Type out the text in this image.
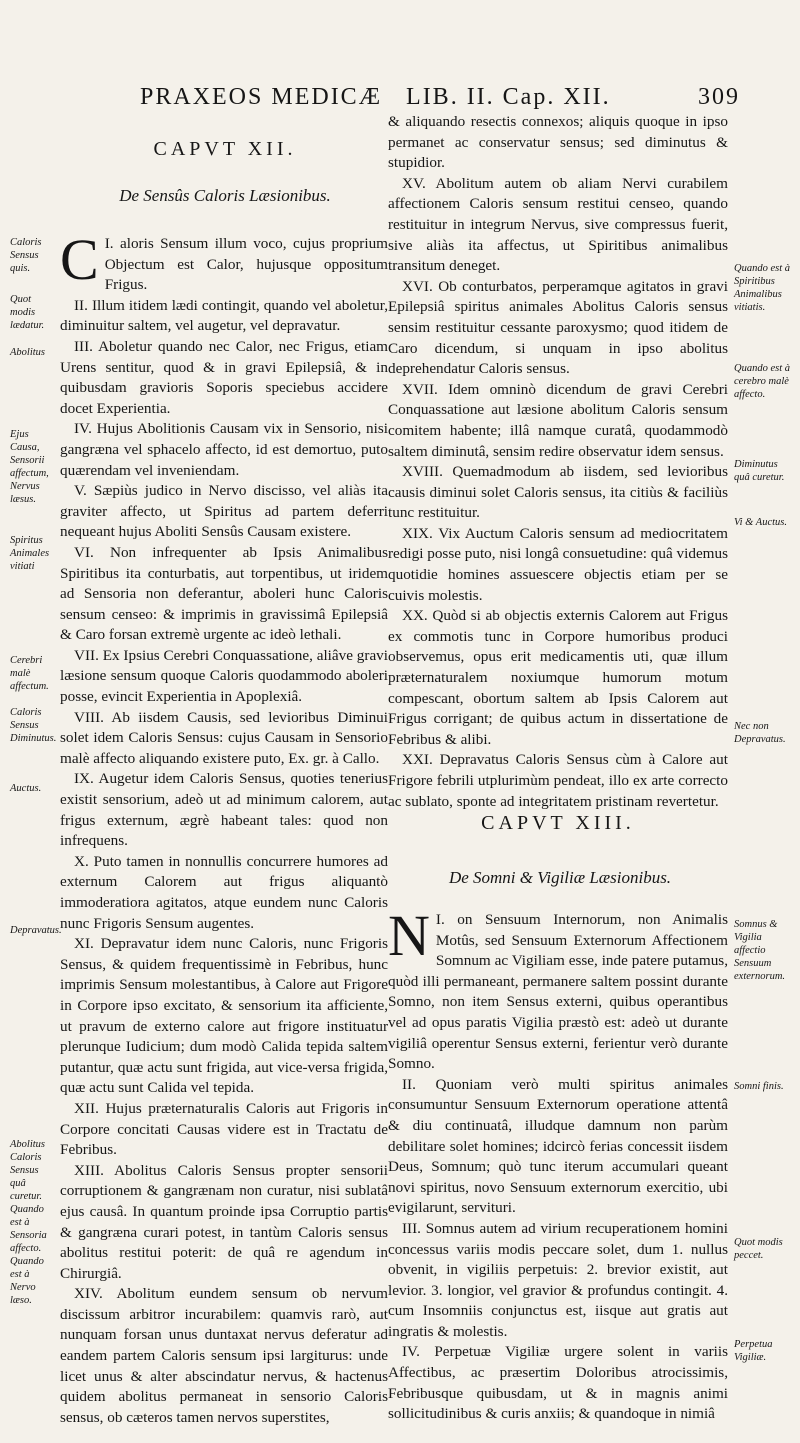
PRAXEOS MEDICÆ LIB. II. Cap. XII.	309
CAPVT XII.
De Sensûs Caloris Læsionibus.

C I. aloris Sensum illum voco, cujus proprium Objectum est Calor, hujusque oppositum Frigus.

II. Illum itidem lædi contingit, quando vel aboletur, diminuitur saltem, vel augetur, vel depravatur.

III. Aboletur quando nec Calor, nec Frigus, etiam Urens sentitur, quod & in gravi Epilepsiâ, & in quibusdam gravioris Soporis speciebus accidere docet Experientia.

IV. Hujus Abolitionis Causam vix in Sensorio, nisi gangræna vel sphacelo affecto, id est demortuo, puto quærendam vel inveniendam.

V. Sæpiùs judico in Nervo discisso, vel aliàs ita graviter affecto, ut Spiritus ad partem deferri nequeant hujus Aboliti Sensûs Causam existere.

VI. Non infrequenter ab Ipsis Animalibus Spiritibus ita conturbatis, aut torpentibus, ut iridem ad Sensoria non deferantur, aboleri hunc Caloris sensum censeo: & imprimis in gravissimâ Epilepsiâ & Caro forsan extremè urgente ac ideò lethali.

VII. Ex Ipsius Cerebri Conquassatione, aliâve gravi læsione sensum quoque Caloris quodammodo aboleri posse, evincit Experientia in Apoplexiâ.

VIII. Ab iisdem Causis, sed levioribus Diminui solet idem Caloris Sensus: cujus Causam in Sensorio malè affecto aliquando existere puto, Ex. gr. à Callo.

IX. Augetur idem Caloris Sensus, quoties tenerius existit sensorium, adeò ut ad minimum calorem, aut frigus externum, ægrè habeant tales: quod non infrequens.

X. Puto tamen in nonnullis concurrere humores ad externum Calorem aut frigus aliquantò immoderatiora agitatos, atque eundem nunc Caloris nunc Frigoris Sensum augentes.

XI. Depravatur idem nunc Caloris, nunc Frigoris Sensus, & quidem frequentissimè in Febribus, hunc imprimis Sensum molestantibus, à Calore aut Frigore in Corpore ipso excitato, & sensorium ita afficiente, ut pravum de externo calore aut frigore instituatur plerunque Iudicium; dum modò Calida tepida saltem putantur, quæ actu sunt frigida, aut vice-versa frigida, quæ actu sunt Calida vel tepida.

XII. Hujus præternaturalis Caloris aut Frigoris in Corpore concitati Causas videre est in Tractatu de Febribus.

XIII. Abolitus Caloris Sensus propter sensorii corruptionem & gangrænam non curatur, nisi sublatâ ejus causâ. In quantum proinde ipsa Corruptio partis & gangræna curari potest, in tantùm Caloris sensus abolitus restitui poterit: de quâ re agendum in Chirurgiâ.

XIV. Abolitum eundem sensum ob nervum discissum arbitror incurabilem: quamvis rarò, aut nunquam forsan unus duntaxat nervus deferatur ad eandem partem Caloris sensum ipsi largiturus: unde licet unus & alter abscindatur nervus, & hactenus quidem abolitus permaneat in sensorio Caloris sensus, ob cæteros tamen nervos superstites,

& aliquando resectis connexos; aliquis quoque in ipso permanet ac conservatur sensus; sed diminutus & stupidior.

XV. Abolitum autem ob aliam Nervi curabilem affectionem Caloris sensum restitui censeo, quando restituitur in integrum Nervus, sive compressus fuerit, sive aliàs ita affectus, ut Spiritibus animalibus transitum deneget.

XVI. Ob conturbatos, perperamque agitatos in gravi Epilepsiâ spiritus animales Abolitus Caloris sensus sensim restituitur cessante paroxysmo; quod itidem de Caro dicendum, si unquam in ipso abolitus deprehendatur Caloris sensus.

XVII. Idem omninò dicendum de gravi Cerebri Conquassatione aut læsione abolitum Caloris sensum comitem habente; illâ namque curatâ, quodammodò saltem diminutâ, sensim redire observatur idem sensus.

XVIII. Quemadmodum ab iisdem, sed levioribus causis diminui solet Caloris sensus, ita citiùs & faciliùs tunc restituitur.

XIX. Vix Auctum Caloris sensum ad mediocritatem redigi posse puto, nisi longâ consuetudine: quâ videmus quotidie homines assuescere objectis etiam per se cuivis molestis.

XX. Quòd si ab objectis externis Calorem aut Frigus ex commotis tunc in Corpore humoribus produci observemus, opus erit medicamentis uti, quæ illum præternaturalem noxiumque humorum motum compescant, obortum saltem ab Ipsis Calorem aut Frigus corrigant; de quibus actum in dissertatione de Febribus & alibi.

XXI. Depravatus Caloris Sensus cùm à Calore aut Frigore febrili utplurimùm pendeat, illo ex arte correcto ac sublato, sponte ad integritatem pristinam revertetur.

CAPVT XIII.
De Somni & Vigiliæ Læsionibus.

N I. on Sensuum Internorum, non Animalis Motûs, sed Sensuum Externorum Affectionem Somnum ac Vigiliam esse, inde patere putamus, quòd illi permaneant, permanere saltem possint durante Somno, non item Sensus externi, quibus operantibus vel ad opus paratis Vigilia præstò est: adeò ut durante vigiliâ operentur Sensus externi, ferientur verò durante Somno.

II. Quoniam verò multi spiritus animales consumuntur Sensuum Externorum operatione attentâ & diu continuatâ, illudque damnum non parùm debilitare solet homines; idcircò ferias concessit iisdem Deus, Somnum; quò tunc iterum accumulari queant novi spiritus, novo Sensuum externorum exercitio, ubi evigilarunt, servituri.

III. Somnus autem ad virium recuperationem homini concessus variis modis peccare solet, dum 1. nullus obvenit, in vigiliis perpetuis: 2. brevior existit, aut levior. 3. longior, vel gravior & profundus contingit. 4. cum Insomniis conjunctus est, iisque aut gratis aut ingratis & molestis.

IV. Perpetuæ Vigiliæ urgere solent in variis Affectibus, ac præsertim Doloribus atrocissimis, Febribusque quibusdam, ut & in magnis animi sollicitudinibus & curis anxiis; & quandoque in nimiâ

Caloris Sensus quis.
Quot modis lædatur.
Abolitus
Ejus Causa, Sensorii affectum, Nervus læsus.
Spiritus Animales vitiati
Cerebri malè affectum.
Caloris Sensus Diminutus.
Auctus.
Depravatus.
Abolitus Caloris Sensus quâ curetur. Quando est à Sensoria affecto. Quando est à Nervo læso.
Quando est à Spiritibus Animalibus vitiatis.
Quando est à cerebro malè affecto.
Diminutus quâ curetur.
Vi & Auctus.
Nec non Depravatus.
Somnus & Vigilia affectio Sensuum externorum.
Somni finis.
Quot modis peccet.
Perpetua Vigiliæ.
